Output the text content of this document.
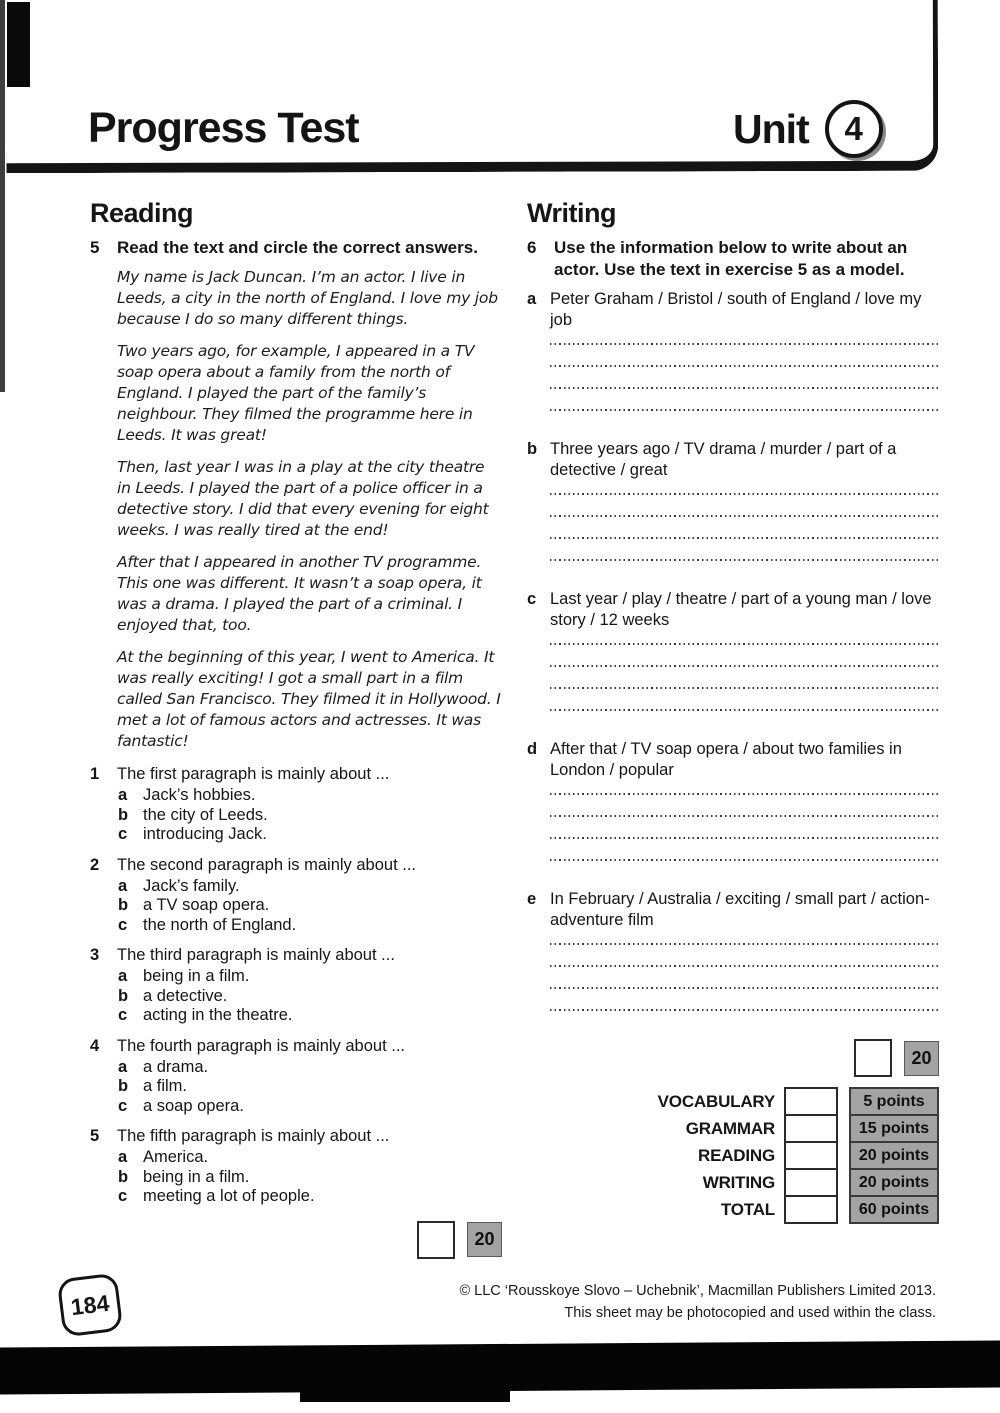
Progress Test	Unit 4
Reading
5	Read the text and circle the correct answers.

My name is Jack Duncan. I’m an actor. I live in Leeds, a city in the north of England. I love my job because I do so many different things.

Two years ago, for example, I appeared in a TV soap opera about a family from the north of England. I played the part of the family’s neighbour. They filmed the programme here in Leeds. It was great!

Then, last year I was in a play at the city theatre in Leeds. I played the part of a police officer in a detective story. I did that every evening for eight weeks. I was really tired at the end!

After that I appeared in another TV programme. This one was different. It wasn’t a soap opera, it was a drama. I played the part of a criminal. I enjoyed that, too.

At the beginning of this year, I went to America. It was really exciting! I got a small part in a film called San Francisco. They filmed it in Hollywood. I met a lot of famous actors and actresses. It was fantastic!

1	The first paragraph is mainly about ...
a Jack’s hobbies.
b the city of Leeds.
c introducing Jack.
2	The second paragraph is mainly about ...
a Jack’s family.
b a TV soap opera.
c the north of England.
3	The third paragraph is mainly about ...
a being in a film.
b a detective.
c acting in the theatre.
4	The fourth paragraph is mainly about ...
a a drama.
b a film.
c a soap opera.
5	The fifth paragraph is mainly about ...
a America.
b being in a film.
c meeting a lot of people.
20
Writing
6	Use the information below to write about an actor. Use the text in exercise 5 as a model.
a Peter Graham / Bristol / south of England / love my job
b Three years ago / TV drama / murder / part of a detective / great
c Last year / play / theatre / part of a young man / love story / 12 weeks
d After that / TV soap opera / about two families in London / popular
e In February / Australia / exciting / small part / action-adventure film
20
VOCABULARY	5 points
GRAMMAR	15 points
READING	20 points
WRITING	20 points
TOTAL	60 points
184	© LLC ‘Rousskoye Slovo – Uchebnik’, Macmillan Publishers Limited 2013.
This sheet may be photocopied and used within the class.
